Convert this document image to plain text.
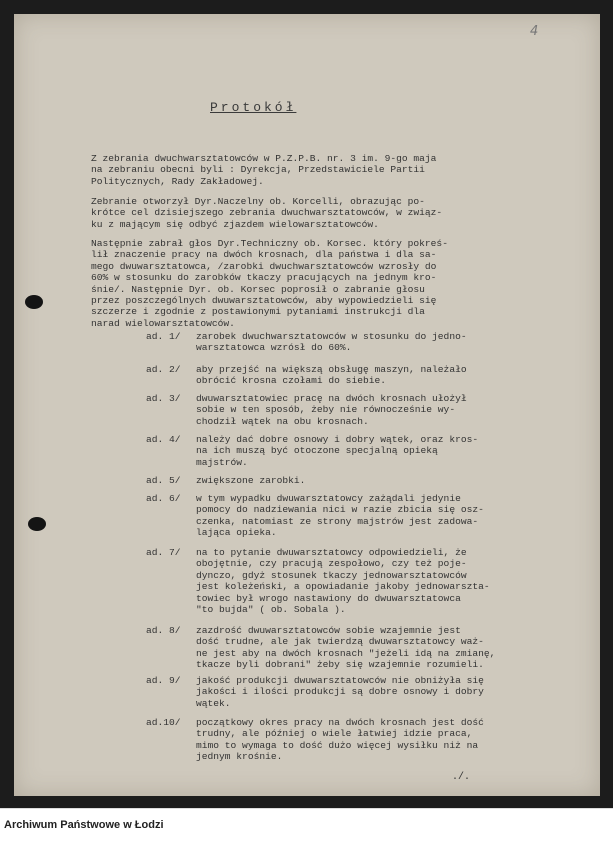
4
Protokół
Z zebrania dwuchwarsztatowców w P.Z.P.B. nr. 3 im. 9-go maja
na zebraniu obecni byli : Dyrekcja, Przedstawiciele Partii
Politycznych, Rady Zakładowej.
Zebranie otworzył Dyr.Naczelny ob. Korcelli, obrazując po-
krótce cel dzisiejszego zebrania dwuchwarsztatowców, w związ-
ku z mającym się odbyć zjazdem wielowarsztatowców.
Następnie zabrał głos Dyr.Techniczny ob. Korsec. który pokreś-
lił znaczenie pracy na dwóch krosnach, dla państwa i dla sa-
mego dwuwarsztatowca, /zarobki dwuchwarsztatowców wzrosły do
60% w stosunku do zarobków tkaczy pracujących na jednym kro-
śnie/. Następnie Dyr. ob. Korsec poprosił o zabranie głosu
przez poszczególnych dwuwarsztatowców, aby wypowiedzieli się
szczerze i zgodnie z postawionymi pytaniami instrukcji dla
narad wielowarsztatowców.
ad. 1/	zarobek dwuchwarsztatowców w stosunku do jedno-
warsztatowca wzrósł do 60%.
ad. 2/	aby przejść na większą obsługę maszyn, należało
obrócić krosna czołami do siebie.
ad. 3/	dwuwarsztatowiec pracę na dwóch krosnach ułożył
sobie w ten sposób, żeby nie równocześnie wy-
chodził wątek na obu krosnach.
ad. 4/	należy dać dobre osnowy i dobry wątek, oraz kros-
na ich muszą być otoczone specjalną opieką
majstrów.
ad. 5/	zwiększone zarobki.
ad. 6/	w tym wypadku dwuwarsztatowcy zażądali jedynie
pomocy do nadziewania nici w razie zbicia się osz-
czenka, natomiast ze strony majstrów jest zadowa-
lająca opieka.
ad. 7/	na to pytanie dwuwarsztatowcy odpowiedzieli, że
obojętnie, czy pracują zespołowo, czy też poje-
dynczo, gdyż stosunek tkaczy jednowarsztatowców
jest koleżeński, a opowiadanie jakoby jednowarszta-
towiec był wrogo nastawiony do dwuwarsztatowca
"to bujda" ( ob. Sobala ).
ad. 8/	zazdrość dwuwarsztatowców sobie wzajemnie jest
dość trudne, ale jak twierdzą dwuwarsztatowcy waż-
ne jest aby na dwóch krosnach "jeżeli idą na zmianę,
tkacze byli dobrani" żeby się wzajemnie rozumieli.
ad. 9/	jakość produkcji dwuwarsztatowców nie obniżyła się
jakości i ilości produkcji są dobre osnowy i dobry
wątek.
ad.10/	początkowy okres pracy na dwóch krosnach jest dość
trudny, ale później o wiele łatwiej idzie praca,
mimo to wymaga to dość dużo więcej wysiłku niż na
jednym krośnie.
./.
Archiwum Państwowe w Łodzi
